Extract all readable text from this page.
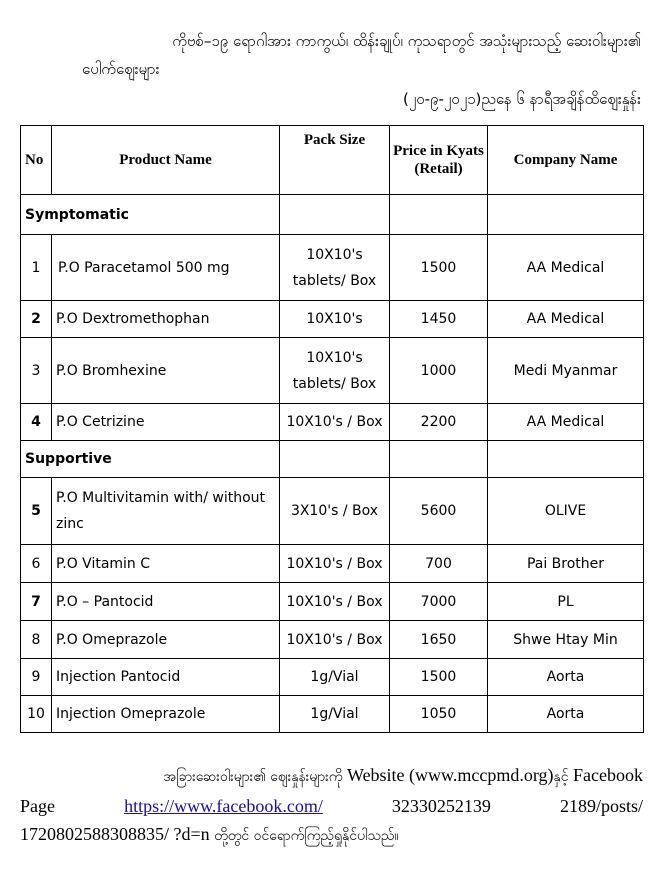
ကိုဗစ်–၁၉ ရောဂါအား ကာကွယ်၊ ထိန်းချုပ်၊ ကုသရာတွင် အသုံးများသည့် ဆေးဝါးများ၏
ပေါက်ဈေးများ
(၂၀-၉-၂၀၂၁)ညနေ ၆ နာရီအချိန်ထိဈေးနှုန်း
No	Product Name	Pack Size	Price in Kyats (Retail)	Company Name
Symptomatic				
1	P.O Paracetamol 500 mg	10X10's tablets/ Box	1500	AA Medical
2	P.O Dextromethophan	10X10's	1450	AA Medical
3	P.O Bromhexine	10X10's tablets/ Box	1000	Medi Myanmar
4	P.O Cetrizine	10X10's / Box	2200	AA Medical
Supportive				
5	P.O Multivitamin with/ without zinc	3X10's / Box	5600	OLIVE
6	P.O Vitamin C	10X10's / Box	700	Pai Brother
7	P.O – Pantocid	10X10's / Box	7000	PL
8	P.O Omeprazole	10X10's / Box	1650	Shwe Htay Min
9	Injection Pantocid	1g/Vial	1500	Aorta
10	Injection Omeprazole	1g/Vial	1050	Aorta
အခြားဆေးဝါးများ၏ ဈေးနှုန်းများကို Website (www.mccpmd.org)နှင့် Facebook
Page	https://www.facebook.com/	32330252139	2189/posts/
1720802588308835/ ?d=n တို့တွင် ဝင်ရောက်ကြည့်ရှုနိုင်ပါသည်။
